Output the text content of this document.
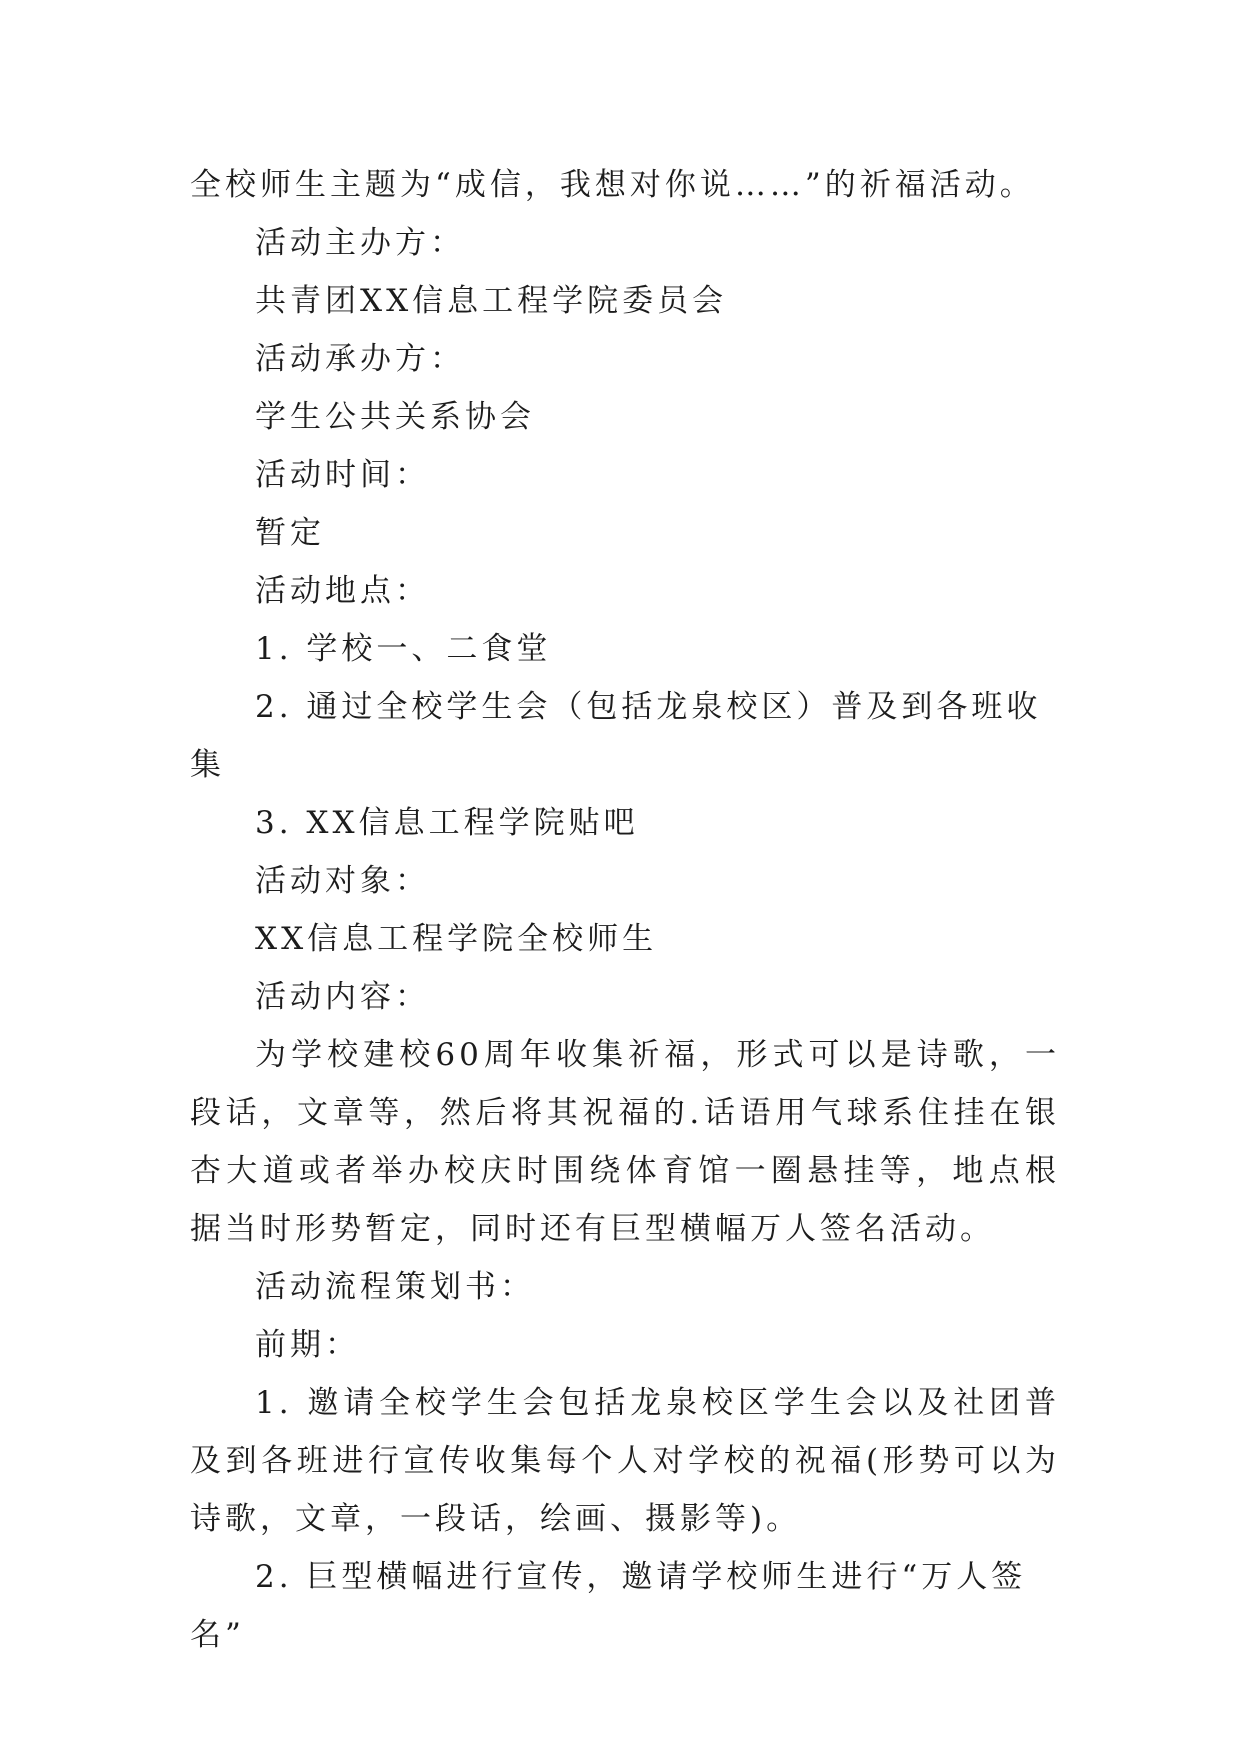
全校师生主题为“成信，我想对你说……”的祈福活动。

活动主办方：

共青团XX信息工程学院委员会

活动承办方：

学生公共关系协会

活动时间：

暂定

活动地点：

1. 学校一、二食堂

2. 通过全校学生会（包括龙泉校区）普及到各班收集

3. XX信息工程学院贴吧

活动对象：

XX信息工程学院全校师生

活动内容：

为学校建校60周年收集祈福，形式可以是诗歌，一段话，文章等，然后将其祝福的.话语用气球系住挂在银杏大道或者举办校庆时围绕体育馆一圈悬挂等，地点根据当时形势暂定，同时还有巨型横幅万人签名活动。

活动流程策划书：

前期：

1. 邀请全校学生会包括龙泉校区学生会以及社团普及到各班进行宣传收集每个人对学校的祝福(形势可以为诗歌，文章，一段话，绘画、摄影等)。

2. 巨型横幅进行宣传，邀请学校师生进行“万人签名”
